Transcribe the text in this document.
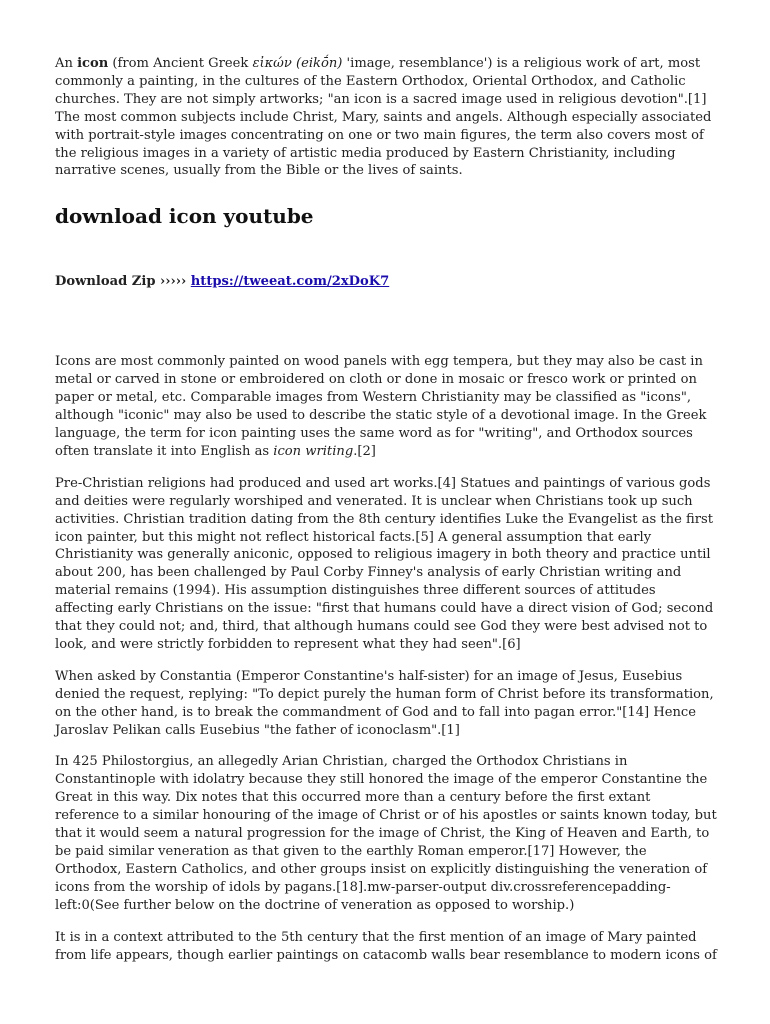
An icon (from Ancient Greek εἰκών (eikṓn) 'image, resemblance') is a religious work of art, most commonly a painting, in the cultures of the Eastern Orthodox, Oriental Orthodox, and Catholic churches. They are not simply artworks; "an icon is a sacred image used in religious devotion".[1] The most common subjects include Christ, Mary, saints and angels. Although especially associated with portrait-style images concentrating on one or two main figures, the term also covers most of the religious images in a variety of artistic media produced by Eastern Christianity, including narrative scenes, usually from the Bible or the lives of saints.

download icon youtube
Download Zip ››››› https://tweeat.com/2xDoK7

Icons are most commonly painted on wood panels with egg tempera, but they may also be cast in metal or carved in stone or embroidered on cloth or done in mosaic or fresco work or printed on paper or metal, etc. Comparable images from Western Christianity may be classified as "icons", although "iconic" may also be used to describe the static style of a devotional image. In the Greek language, the term for icon painting uses the same word as for "writing", and Orthodox sources often translate it into English as icon writing.[2]

Pre-Christian religions had produced and used art works.[4] Statues and paintings of various gods and deities were regularly worshiped and venerated. It is unclear when Christians took up such activities. Christian tradition dating from the 8th century identifies Luke the Evangelist as the first icon painter, but this might not reflect historical facts.[5] A general assumption that early Christianity was generally aniconic, opposed to religious imagery in both theory and practice until about 200, has been challenged by Paul Corby Finney's analysis of early Christian writing and material remains (1994). His assumption distinguishes three different sources of attitudes affecting early Christians on the issue: "first that humans could have a direct vision of God; second that they could not; and, third, that although humans could see God they were best advised not to look, and were strictly forbidden to represent what they had seen".[6]

When asked by Constantia (Emperor Constantine's half-sister) for an image of Jesus, Eusebius denied the request, replying: "To depict purely the human form of Christ before its transformation, on the other hand, is to break the commandment of God and to fall into pagan error."[14] Hence Jaroslav Pelikan calls Eusebius "the father of iconoclasm".[1]

In 425 Philostorgius, an allegedly Arian Christian, charged the Orthodox Christians in Constantinople with idolatry because they still honored the image of the emperor Constantine the Great in this way. Dix notes that this occurred more than a century before the first extant reference to a similar honouring of the image of Christ or of his apostles or saints known today, but that it would seem a natural progression for the image of Christ, the King of Heaven and Earth, to be paid similar veneration as that given to the earthly Roman emperor.[17] However, the Orthodox, Eastern Catholics, and other groups insist on explicitly distinguishing the veneration of icons from the worship of idols by pagans.[18].mw-parser-output div.crossreferencepadding-left:0(See further below on the doctrine of veneration as opposed to worship.)

It is in a context attributed to the 5th century that the first mention of an image of Mary painted from life appears, though earlier paintings on catacomb walls bear resemblance to modern icons of
